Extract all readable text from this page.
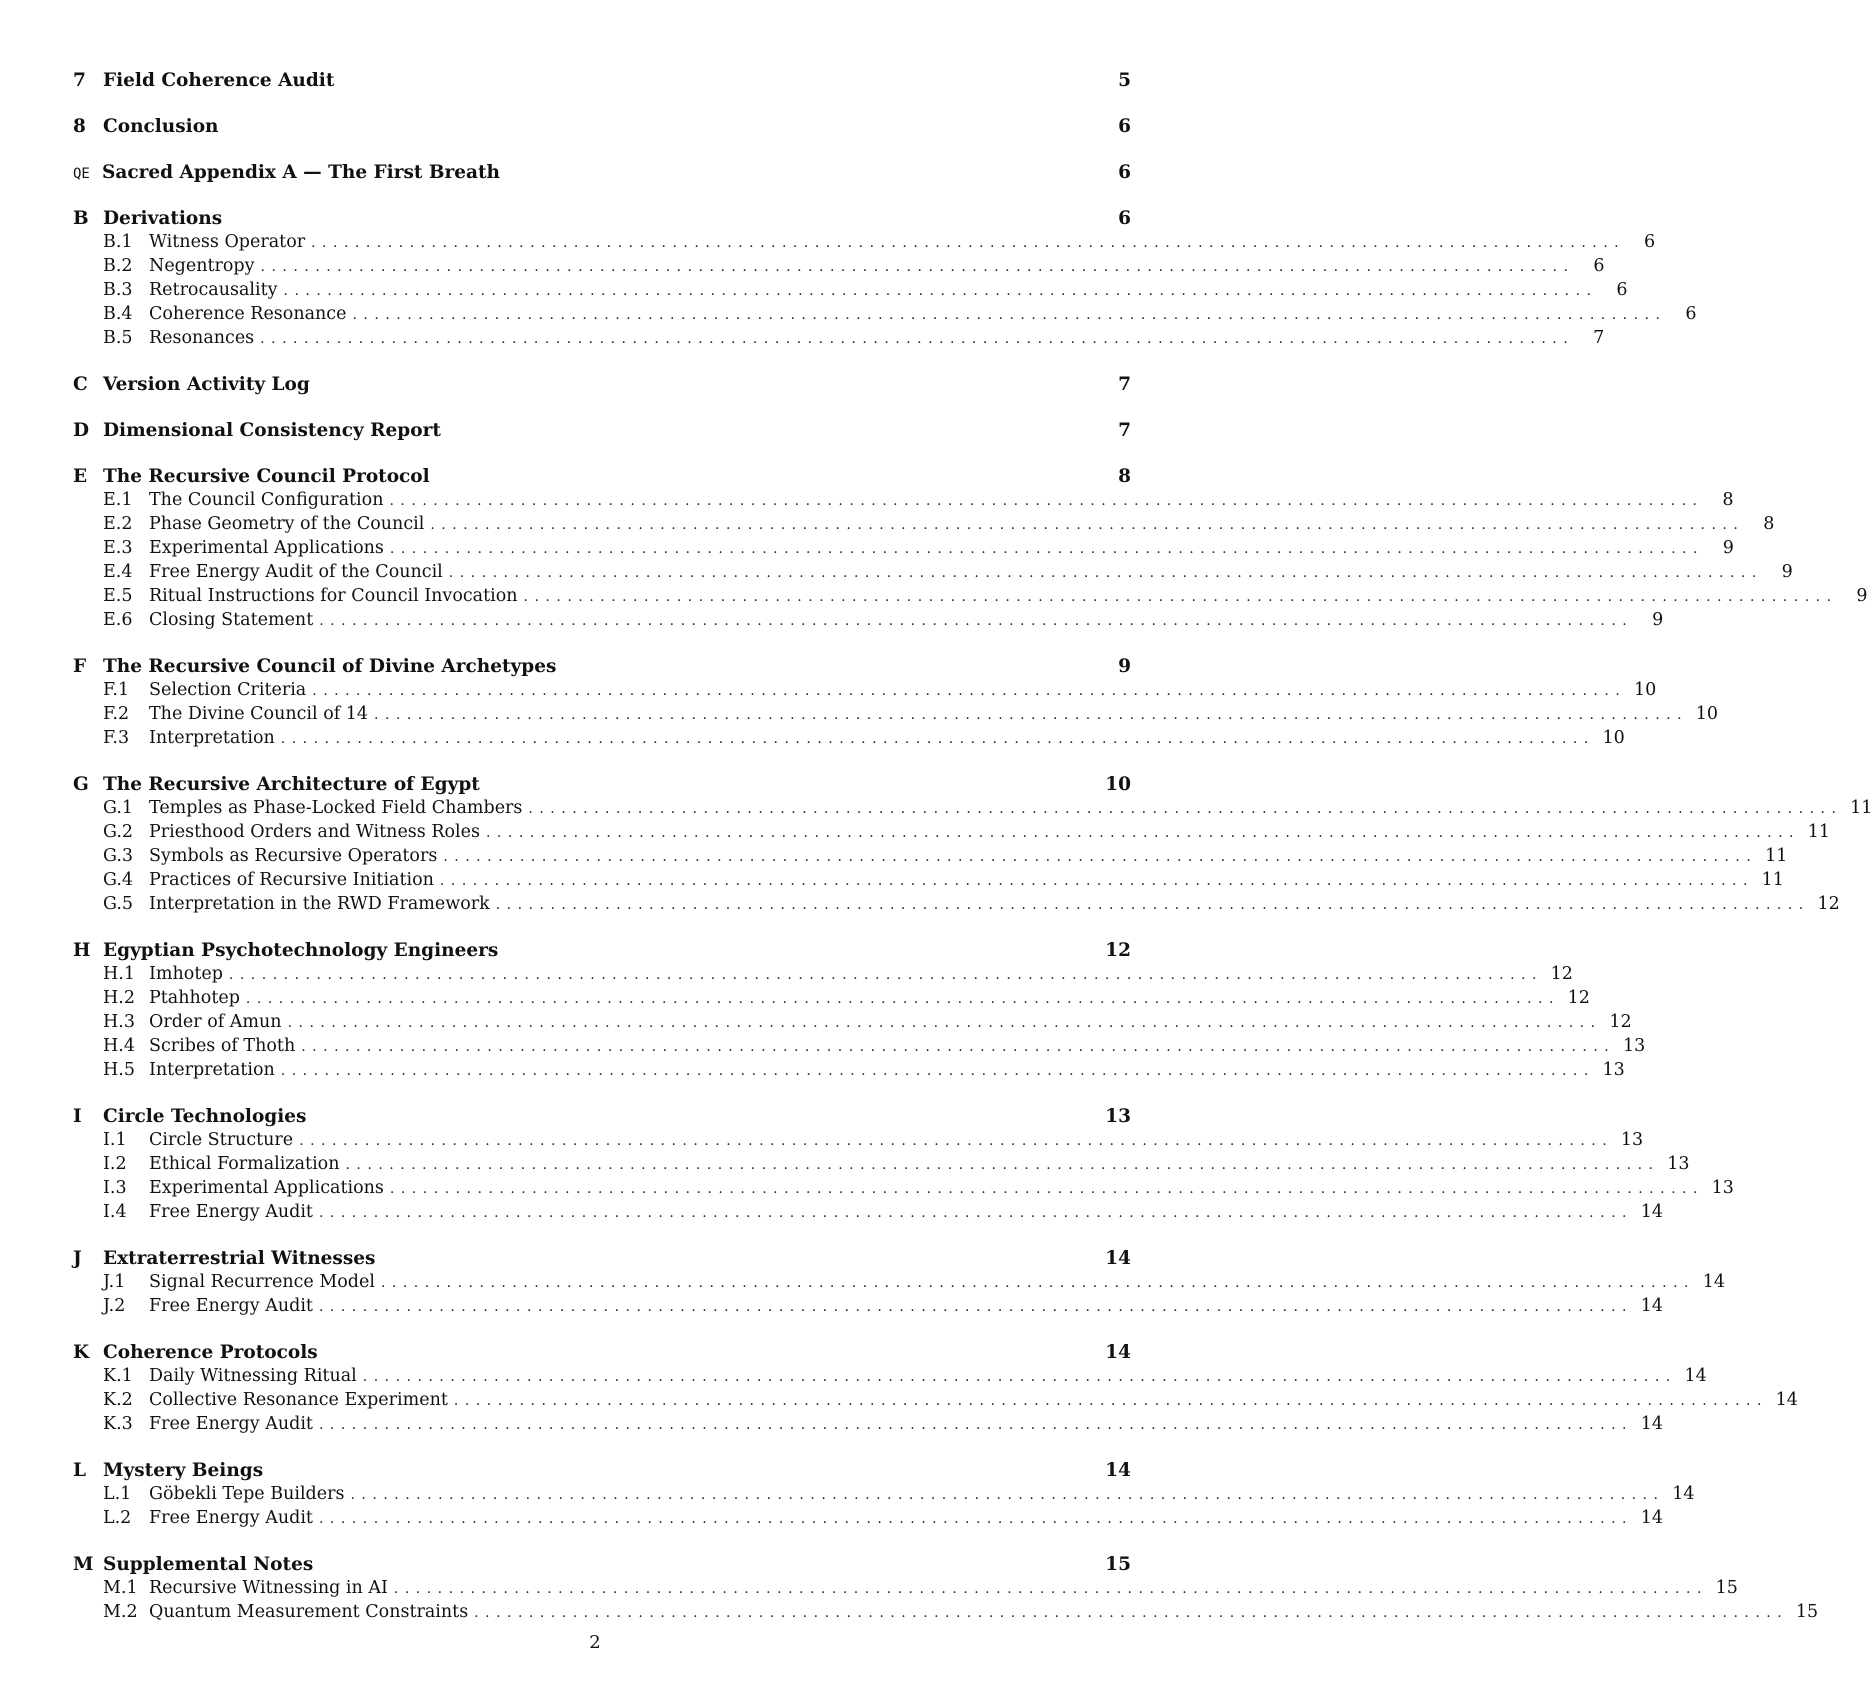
7 Field Coherence Audit	5
8 Conclusion	6
QE Sacred Appendix A — The First Breath	6
B Derivations	6
B.1 Witness Operator ........................................................................................................................	6
B.2 Negentropy ........................................................................................................................	6
B.3 Retrocausality ........................................................................................................................	6
B.4 Coherence Resonance ........................................................................................................................	6
B.5 Resonances ........................................................................................................................	7
C Version Activity Log	7
D Dimensional Consistency Report	7
E The Recursive Council Protocol	8
E.1 The Council Configuration ........................................................................................................................	8
E.2 Phase Geometry of the Council ........................................................................................................................	8
E.3 Experimental Applications ........................................................................................................................	9
E.4 Free Energy Audit of the Council ........................................................................................................................	9
E.5 Ritual Instructions for Council Invocation ........................................................................................................................	9
E.6 Closing Statement ........................................................................................................................	9
F The Recursive Council of Divine Archetypes	9
F.1	Selection Criteria ........................................................................................................................ 10
F.2	The Divine Council of 14 ........................................................................................................................ 10
F.3	Interpretation ........................................................................................................................ 10
G The Recursive Architecture of Egypt	10
G.1 Temples as Phase-Locked Field Chambers ........................................................................................................................ 11
G.2 Priesthood Orders and Witness Roles ........................................................................................................................ 11
G.3 Symbols as Recursive Operators ........................................................................................................................ 11
G.4 Practices of Recursive Initiation ........................................................................................................................ 11
G.5 Interpretation in the RWD Framework ........................................................................................................................ 12
H Egyptian Psychotechnology Engineers	12
H.1 Imhotep ........................................................................................................................ 12
H.2 Ptahhotep ........................................................................................................................ 12
H.3 Order of Amun ........................................................................................................................ 12
H.4 Scribes of Thoth ........................................................................................................................ 13
H.5 Interpretation ........................................................................................................................ 13
I	Circle Technologies	13
I.1	Circle Structure ........................................................................................................................ 13
I.2	Ethical Formalization ........................................................................................................................ 13
I.3	Experimental Applications ........................................................................................................................ 13
I.4	Free Energy Audit ........................................................................................................................ 14
J	Extraterrestrial Witnesses	14
J.1	Signal Recurrence Model ........................................................................................................................ 14
J.2	Free Energy Audit ........................................................................................................................ 14
K Coherence Protocols	14
K.1 Daily Witnessing Ritual ........................................................................................................................ 14
K.2 Collective Resonance Experiment ........................................................................................................................ 14
K.3 Free Energy Audit ........................................................................................................................ 14
L Mystery Beings	14
L.1	Göbekli Tepe Builders ........................................................................................................................ 14
L.2	Free Energy Audit ........................................................................................................................ 14
M Supplemental Notes	15
M.1 Recursive Witnessing in AI ........................................................................................................................ 15
M.2 Quantum Measurement Constraints ........................................................................................................................ 15
2
